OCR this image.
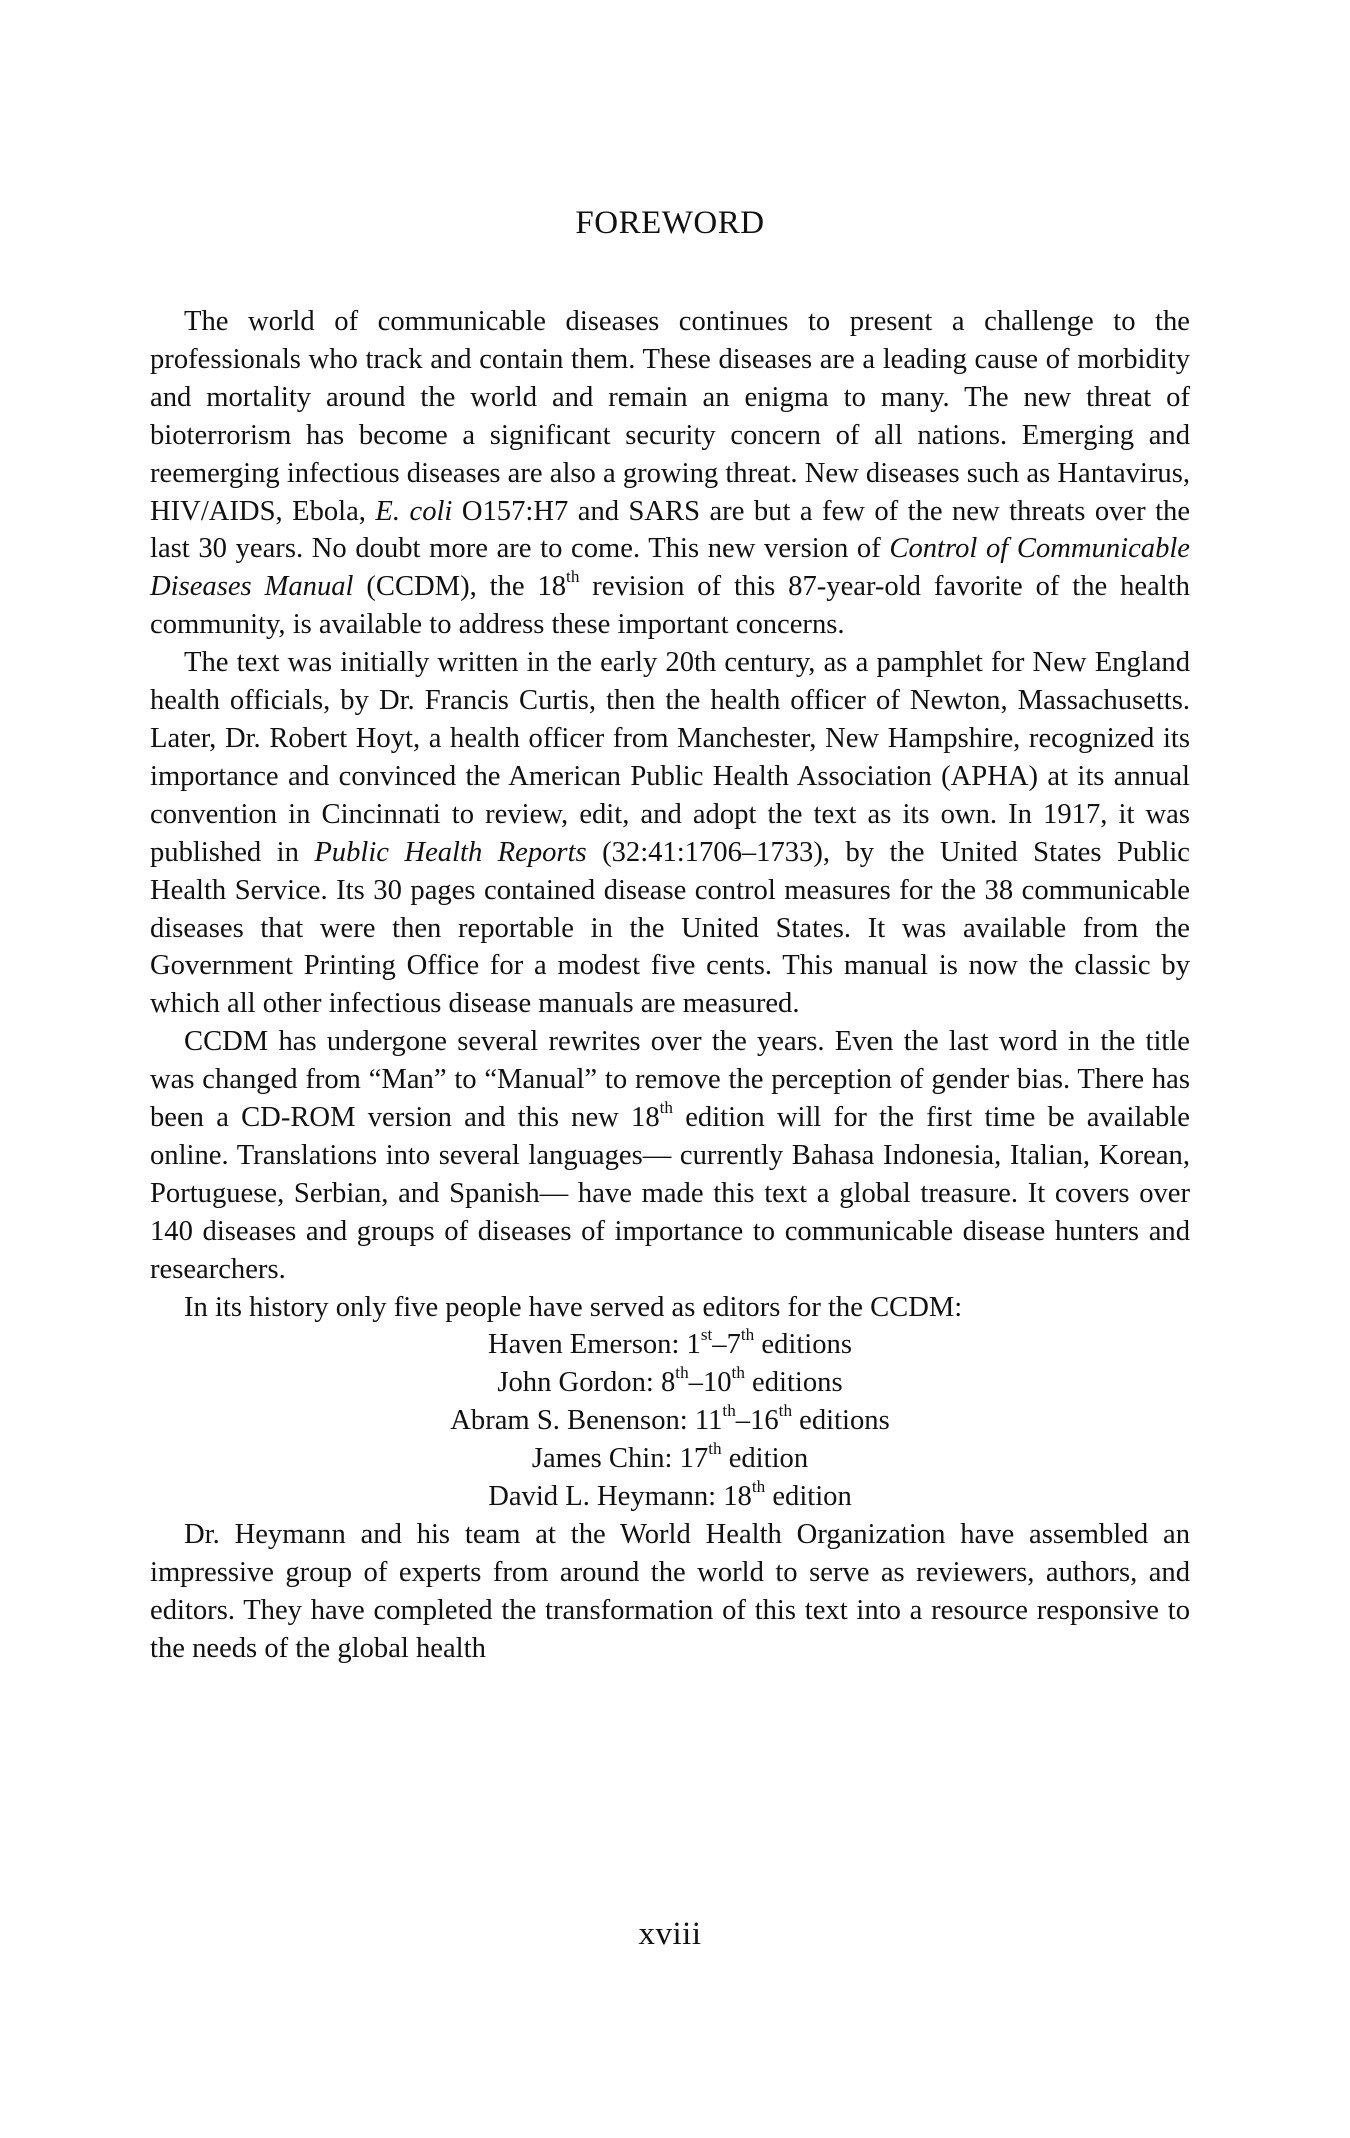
FOREWORD

The world of communicable diseases continues to present a challenge to the professionals who track and contain them. These diseases are a leading cause of morbidity and mortality around the world and remain an enigma to many. The new threat of bioterrorism has become a significant security concern of all nations. Emerging and reemerging infectious diseases are also a growing threat. New diseases such as Hantavirus, HIV/AIDS, Ebola, E. coli O157:H7 and SARS are but a few of the new threats over the last 30 years. No doubt more are to come. This new version of Control of Communicable Diseases Manual (CCDM), the 18th revision of this 87-year-old favorite of the health community, is available to address these important concerns.

The text was initially written in the early 20th century, as a pamphlet for New England health officials, by Dr. Francis Curtis, then the health officer of Newton, Massachusetts. Later, Dr. Robert Hoyt, a health officer from Manchester, New Hampshire, recognized its importance and convinced the American Public Health Association (APHA) at its annual convention in Cincinnati to review, edit, and adopt the text as its own. In 1917, it was published in Public Health Reports (32:41:1706–1733), by the United States Public Health Service. Its 30 pages contained disease control measures for the 38 communicable diseases that were then reportable in the United States. It was available from the Government Printing Office for a modest five cents. This manual is now the classic by which all other infectious disease manuals are measured.

CCDM has undergone several rewrites over the years. Even the last word in the title was changed from “Man” to “Manual” to remove the perception of gender bias. There has been a CD-ROM version and this new 18th edition will for the first time be available online. Translations into several languages— currently Bahasa Indonesia, Italian, Korean, Portuguese, Serbian, and Spanish— have made this text a global treasure. It covers over 140 diseases and groups of diseases of importance to communicable disease hunters and researchers.

In its history only five people have served as editors for the CCDM:

Haven Emerson: 1st–7th editions
John Gordon: 8th–10th editions
Abram S. Benenson: 11th–16th editions
James Chin: 17th edition
David L. Heymann: 18th edition

Dr. Heymann and his team at the World Health Organization have assembled an impressive group of experts from around the world to serve as reviewers, authors, and editors. They have completed the transformation of this text into a resource responsive to the needs of the global health

xviii
